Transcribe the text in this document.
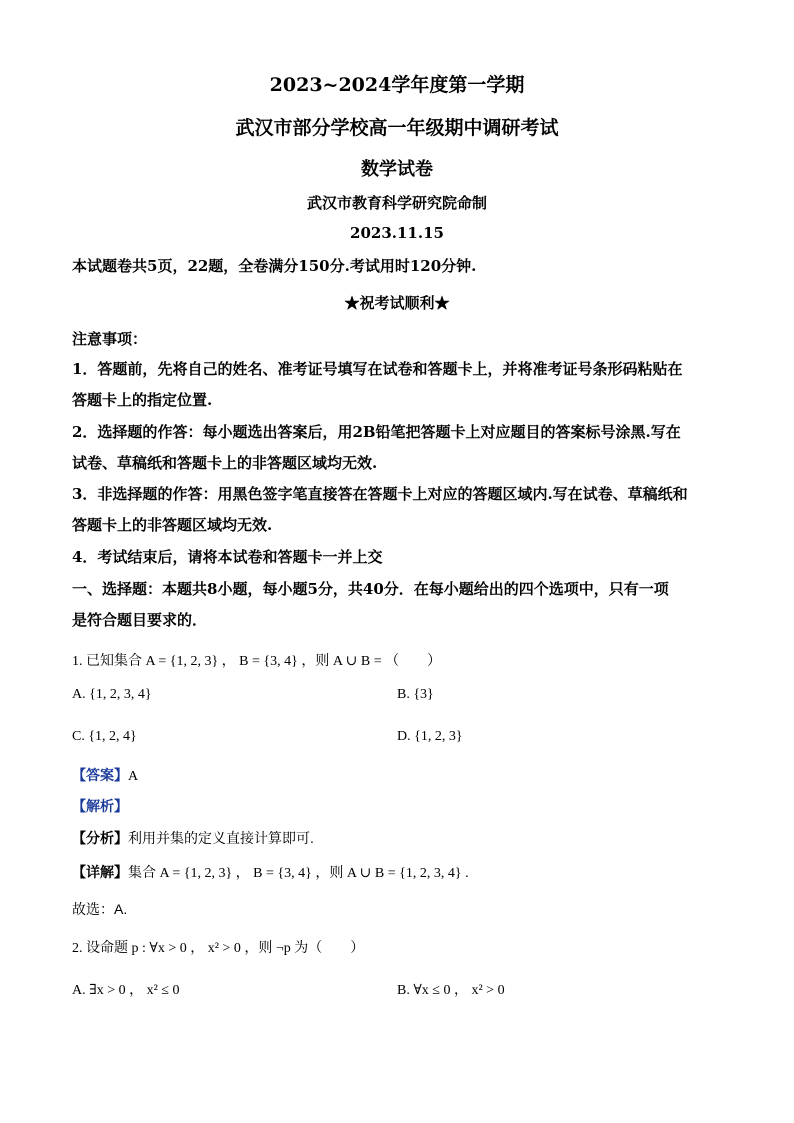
2023~2024学年度第一学期
武汉市部分学校高一年级期中调研考试
数学试卷
武汉市教育科学研究院命制
2023.11.15
本试题卷共5页，22题，全卷满分150分.考试用时120分钟.
★祝考试顺利★
注意事项：
1．答题前，先将自己的姓名、准考证号填写在试卷和答题卡上，并将准考证号条形码粘贴在
答题卡上的指定位置.
2．选择题的作答：每小题选出答案后，用2B铅笔把答题卡上对应题目的答案标号涂黑.写在
试卷、草稿纸和答题卡上的非答题区域均无效.
3．非选择题的作答：用黑色签字笔直接答在答题卡上对应的答题区域内.写在试卷、草稿纸和
答题卡上的非答题区域均无效.
4．考试结束后，请将本试卷和答题卡一并上交
一、选择题：本题共8小题，每小题5分，共40分．在每小题给出的四个选项中，只有一项
是符合题目要求的．
1. 已知集合 A = {1, 2, 3} ， B = {3, 4} ，则 A ∪ B = （　　）
A. {1, 2, 3, 4}	B. {3}
C. {1, 2, 4}	D. {1, 2, 3}
【答案】A
【解析】
【分析】利用并集的定义直接计算即可.
【详解】集合 A = {1, 2, 3} ， B = {3, 4} ，则 A ∪ B = {1, 2, 3, 4} .
故选：A.
2. 设命题 p : ∀x > 0 ， x² > 0 ，则 ¬p 为（　　）
A. ∃x > 0 ， x² ≤ 0	B. ∀x ≤ 0 ， x² > 0
